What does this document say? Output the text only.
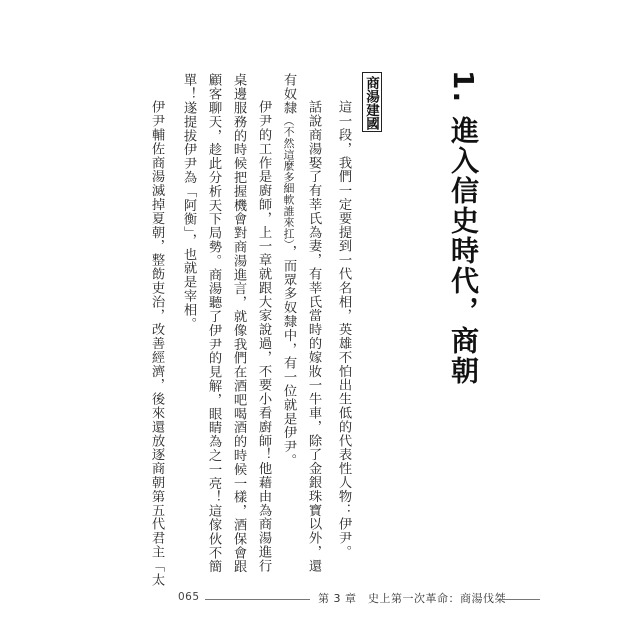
1. 進入信史時代，商朝
商湯建國
這一段，我們一定要提到一代名相，英雄不怕出生低的代表性人物：伊尹。
話說商湯娶了有莘氏為妻，有莘氏當時的嫁妝一牛車，除了金銀珠寶以外，還
有奴隸（不然這麼多細軟誰來扛），而眾多奴隸中，有一位就是伊尹。
伊尹的工作是廚師，上一章就跟大家說過，不要小看廚師！他藉由為商湯進行
桌邊服務的時候把握機會對商湯進言，就像我們在酒吧喝酒的時候一樣，酒保會跟
顧客聊天，趁此分析天下局勢。商湯聽了伊尹的見解，眼睛為之一亮！這傢伙不簡
單！遂提拔伊尹為「阿衡」，也就是宰相。
伊尹輔佐商湯滅掉夏朝，整飭吏治，改善經濟，後來還放逐商朝第五代君主「太
065	第 3 章　史上第一次革命：商湯伐桀
